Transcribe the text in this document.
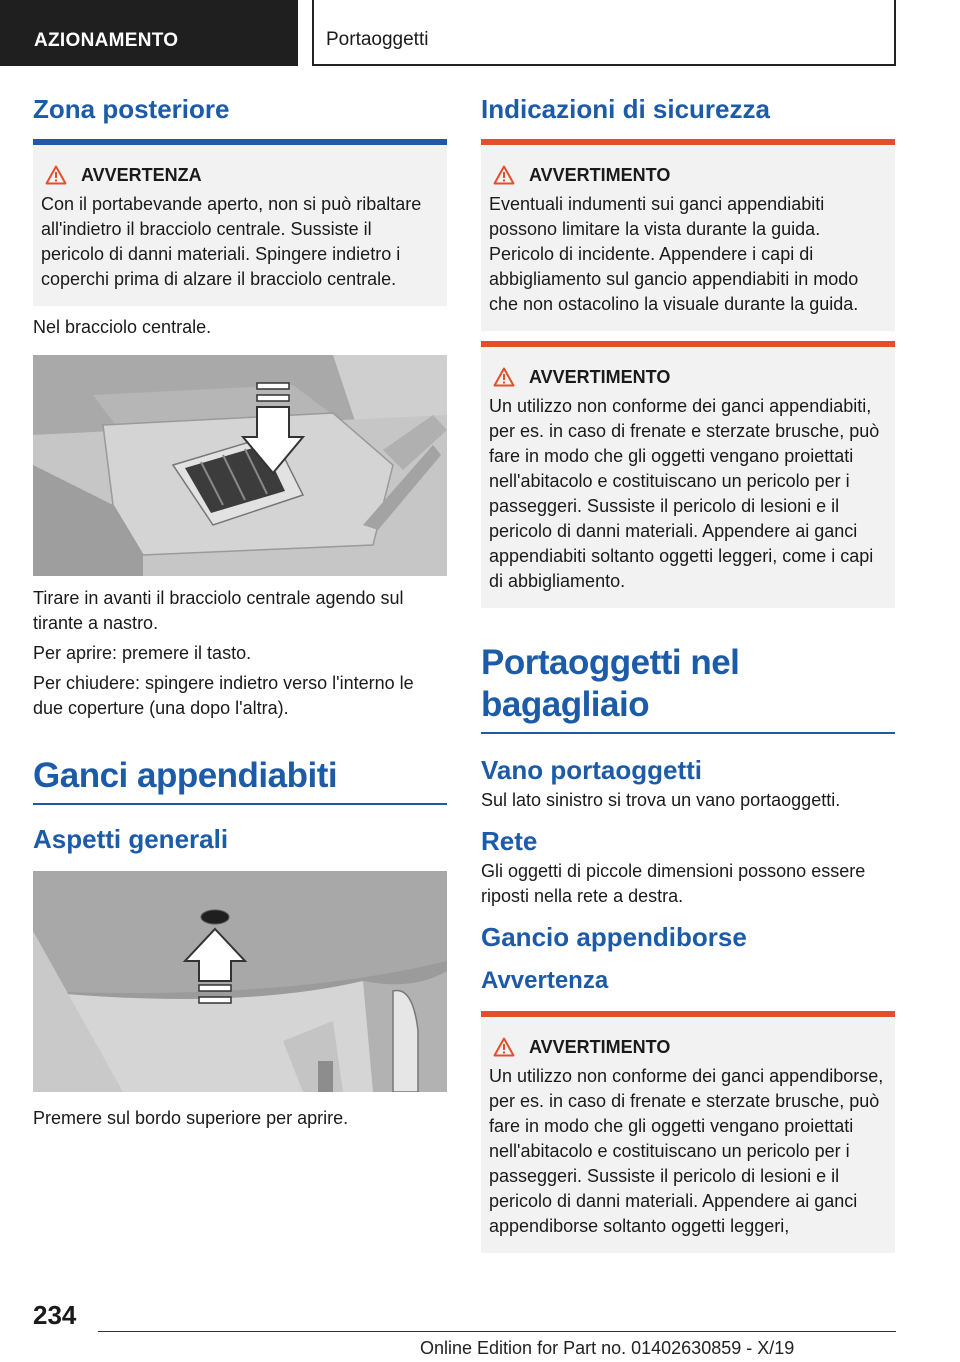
AZIONAMENTO	Portaoggetti
Zona posteriore
AVVERTENZA
Con il portabevande aperto, non si può ribaltare all'indietro il bracciolo centrale. Sussiste il pericolo di danni materiali. Spingere indietro i coperchi prima di alzare il bracciolo centrale.

Nel bracciolo centrale.

Tirare in avanti il bracciolo centrale agendo sul tirante a nastro.

Per aprire: premere il tasto.

Per chiudere: spingere indietro verso l'interno le due coperture (una dopo l'altra).

Ganci appendiabiti
Aspetti generali

Premere sul bordo superiore per aprire.

Indicazioni di sicurezza
AVVERTIMENTO
Eventuali indumenti sui ganci appendiabiti possono limitare la vista durante la guida. Pericolo di incidente. Appendere i capi di abbigliamento sul gancio appendiabiti in modo che non ostacolino la visuale durante la guida.
AVVERTIMENTO
Un utilizzo non conforme dei ganci appendiabiti, per es. in caso di frenate e sterzate brusche, può fare in modo che gli oggetti vengano proiettati nell'abitacolo e costituiscano un pericolo per i passeggeri. Sussiste il pericolo di lesioni e il pericolo di danni materiali. Appendere ai ganci appendiabiti soltanto oggetti leggeri, come i capi di abbigliamento.
Portaoggetti nel bagagliaio
Vano portaoggetti

Sul lato sinistro si trova un vano portaoggetti.

Rete

Gli oggetti di piccole dimensioni possono essere riposti nella rete a destra.

Gancio appendiborse
Avvertenza
AVVERTIMENTO
Un utilizzo non conforme dei ganci appendiborse, per es. in caso di frenate e sterzate brusche, può fare in modo che gli oggetti vengano proiettati nell'abitacolo e costituiscano un pericolo per i passeggeri. Sussiste il pericolo di lesioni e il pericolo di danni materiali. Appendere ai ganci appendiborse soltanto oggetti leggeri,
234
Online Edition for Part no. 01402630859 - X/19
